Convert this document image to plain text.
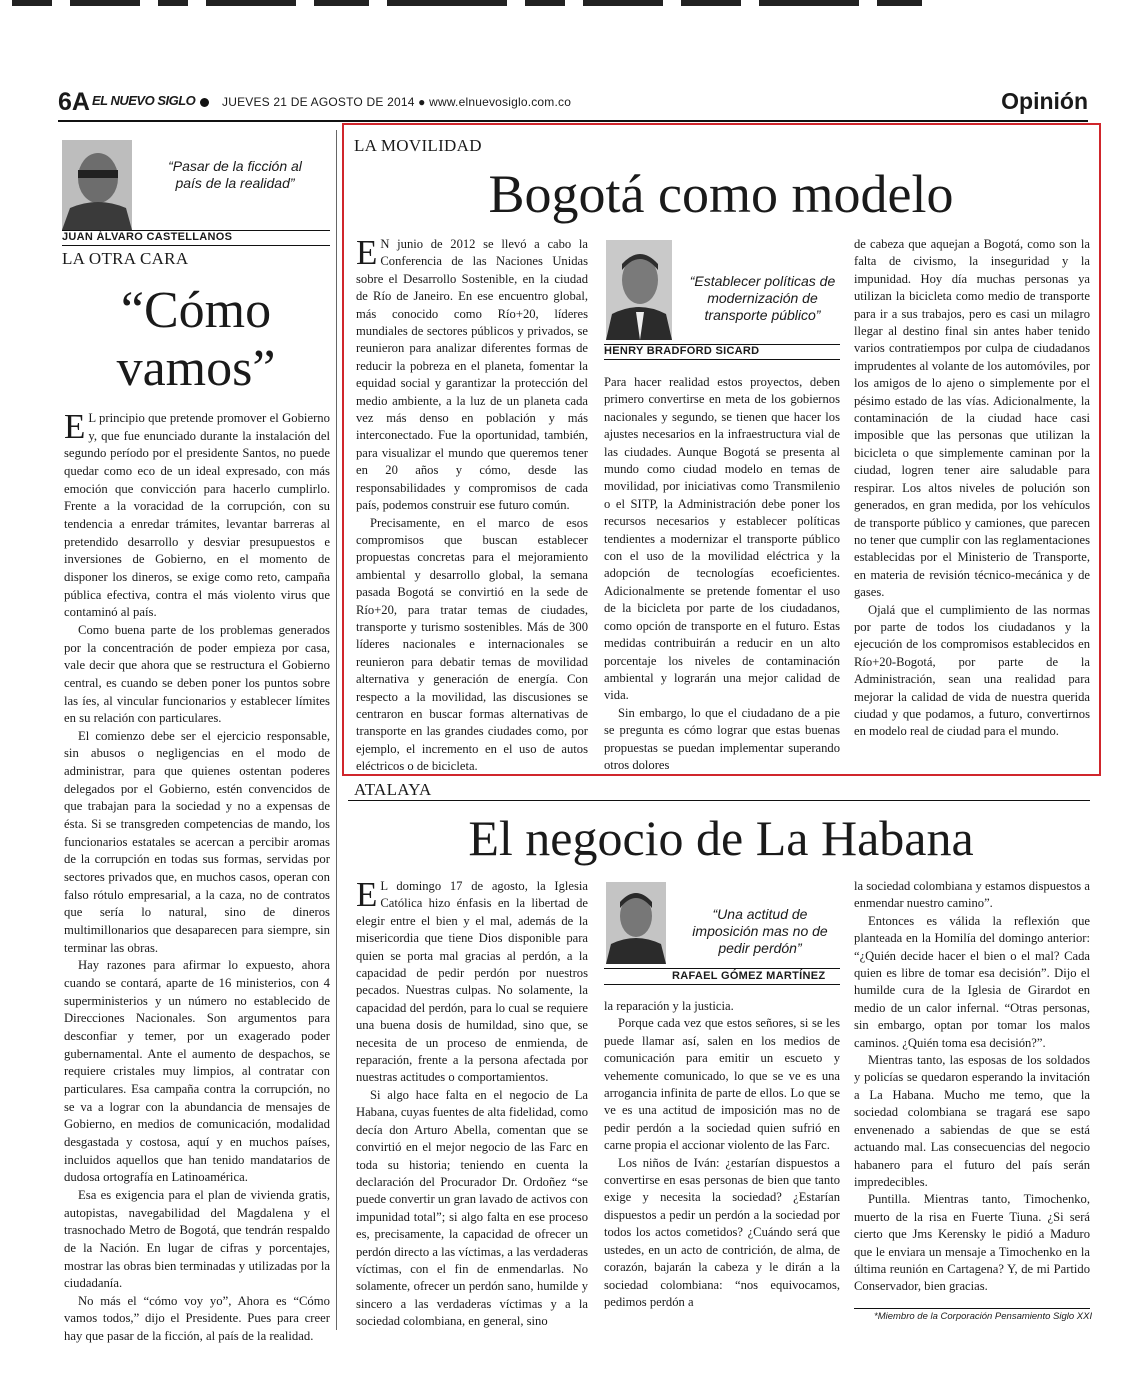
6A EL NUEVO SIGLO JUEVES 21 DE AGOSTO DE 2014 ● www.elnuevosiglo.com.co	Opinión
“Pasar de la ficción al país de la realidad”
JUAN ÁLVARO CASTELLANOS
LA OTRA CARA
“Cómo
vamos”

E L principio que pretende promover el Gobierno y, que fue enunciado durante la instalación del segundo período por el presidente Santos, no puede quedar como eco de un ideal expresado, con más emoción que convicción para hacerlo cumplirlo. Frente a la voracidad de la corrupción, con su tendencia a enredar trámites, levantar barreras al pretendido desarrollo y desviar presupuestos e inversiones de Gobierno, en el momento de disponer los dineros, se exige como reto, campaña pública efectiva, contra el más violento virus que contaminó al país.

Como buena parte de los problemas generados por la concentración de poder empieza por casa, vale decir que ahora que se restructura el Gobierno central, es cuando se deben poner los puntos sobre las íes, al vincular funcionarios y establecer límites en su relación con particulares.

El comienzo debe ser el ejercicio responsable, sin abusos o negligencias en el modo de administrar, para que quienes ostentan poderes delegados por el Gobierno, estén convencidos de que trabajan para la sociedad y no a expensas de ésta. Si se transgreden competencias de mando, los funcionarios estatales se acercan a percibir aromas de la corrupción en todas sus formas, servidas por sectores privados que, en muchos casos, operan con falso rótulo empresarial, a la caza, no de contratos que sería lo natural, sino de dineros multimillonarios que desaparecen para siempre, sin terminar las obras.

Hay razones para afirmar lo expuesto, ahora cuando se contará, aparte de 16 ministerios, con 4 superministerios y un número no establecido de Direcciones Nacionales. Son argumentos para desconfiar y temer, por un exagerado poder gubernamental. Ante el aumento de despachos, se requiere cristales muy limpios, al contratar con particulares. Esa campaña contra la corrupción, no se va a lograr con la abundancia de mensajes de Gobierno, en medios de comunicación, modalidad desgastada y costosa, aquí y en muchos países, incluidos aquellos que han tenido mandatarios de dudosa ortografía en Latinoamérica.

Esa es exigencia para el plan de vivienda gratis, autopistas, navegabilidad del Magdalena y el trasnochado Metro de Bogotá, que tendrán respaldo de la Nación. En lugar de cifras y porcentajes, mostrar las obras bien terminadas y utilizadas por la ciudadanía.

No más el “cómo voy yo”, Ahora es “Cómo vamos todos,” dijo el Presidente. Pues para creer hay que pasar de la ficción, al país de la realidad.

LA MOVILIDAD
Bogotá como modelo

E N junio de 2012 se llevó a cabo la Conferencia de las Naciones Unidas sobre el Desarrollo Sostenible, en la ciudad de Río de Janeiro. En ese encuentro global, más conocido como Río+20, líderes mundiales de sectores públicos y privados, se reunieron para analizar diferentes formas de reducir la pobreza en el planeta, fomentar la equidad social y garantizar la protección del medio ambiente, a la luz de un planeta cada vez más denso en población y más interconectado. Fue la oportunidad, también, para visualizar el mundo que queremos tener en 20 años y cómo, desde las responsabilidades y compromisos de cada país, podemos construir ese futuro común.

Precisamente, en el marco de esos compromisos que buscan establecer propuestas concretas para el mejoramiento ambiental y desarrollo global, la semana pasada Bogotá se convirtió en la sede de Río+20, para tratar temas de ciudades, transporte y turismo sostenibles. Más de 300 líderes nacionales e internacionales se reunieron para debatir temas de movilidad alternativa y generación de energía. Con respecto a la movilidad, las discusiones se centraron en buscar formas alternativas de transporte en las grandes ciudades como, por ejemplo, el incremento en el uso de autos eléctricos o de bicicleta.

“Establecer políticas de modernización de transporte público”
HENRY BRADFORD SICARD

Para hacer realidad estos proyectos, deben primero convertirse en meta de los gobiernos nacionales y segundo, se tienen que hacer los ajustes necesarios en la infraestructura vial de las ciudades. Aunque Bogotá se presenta al mundo como ciudad modelo en temas de movilidad, por iniciativas como Transmilenio o el SITP, la Administración debe poner los recursos necesarios y establecer políticas tendientes a modernizar el transporte público con el uso de la movilidad eléctrica y la adopción de tecnologías ecoeficientes. Adicionalmente se pretende fomentar el uso de la bicicleta por parte de los ciudadanos, como opción de transporte en el futuro. Estas medidas contribuirán a reducir en un alto porcentaje los niveles de contaminación ambiental y lograrán una mejor calidad de vida.

Sin embargo, lo que el ciudadano de a pie se pregunta es cómo lograr que estas buenas propuestas se puedan implementar superando otros dolores

de cabeza que aquejan a Bogotá, como son la falta de civismo, la inseguridad y la impunidad. Hoy día muchas personas ya utilizan la bicicleta como medio de transporte para ir a sus trabajos, pero es casi un milagro llegar al destino final sin antes haber tenido varios contratiempos por culpa de ciudadanos imprudentes al volante de los automóviles, por los amigos de lo ajeno o simplemente por el pésimo estado de las vías. Adicionalmente, la contaminación de la ciudad hace casi imposible que las personas que utilizan la bicicleta o que simplemente caminan por la ciudad, logren tener aire saludable para respirar. Los altos niveles de polución son generados, en gran medida, por los vehículos de transporte público y camiones, que parecen no tener que cumplir con las reglamentaciones establecidas por el Ministerio de Transporte, en materia de revisión técnico-mecánica y de gases.

Ojalá que el cumplimiento de las normas por parte de todos los ciudadanos y la ejecución de los compromisos establecidos en Río+20-Bogotá, por parte de la Administración, sean una realidad para mejorar la calidad de vida de nuestra querida ciudad y que podamos, a futuro, convertirnos en modelo real de ciudad para el mundo.

ATALAYA
El negocio de La Habana

E L domingo 17 de agosto, la Iglesia Católica hizo énfasis en la libertad de elegir entre el bien y el mal, además de la misericordia que tiene Dios disponible para quien se porta mal gracias al perdón, a la capacidad de pedir perdón por nuestros pecados. Nuestras culpas. No solamente, la capacidad del perdón, para lo cual se requiere una buena dosis de humildad, sino que, se necesita de un proceso de enmienda, de reparación, frente a la persona afectada por nuestras actitudes o comportamientos.

Si algo hace falta en el negocio de La Habana, cuyas fuentes de alta fidelidad, como decía don Arturo Abella, comentan que se convirtió en el mejor negocio de las Farc en toda su historia; teniendo en cuenta la declaración del Procurador Dr. Ordoñez “se puede convertir un gran lavado de activos con impunidad total”; si algo falta en ese proceso es, precisamente, la capacidad de ofrecer un perdón directo a las víctimas, a las verdaderas víctimas, con el fin de enmendarlas. No solamente, ofrecer un perdón sano, humilde y sincero a las verdaderas víctimas y a la sociedad colombiana, en general, sino

“Una actitud de imposición mas no de pedir perdón”
RAFAEL GÓMEZ MARTÍNEZ

la reparación y la justicia.

Porque cada vez que estos señores, si se les puede llamar así, salen en los medios de comunicación para emitir un escueto y vehemente comunicado, lo que se ve es una arrogancia infinita de parte de ellos. Lo que se ve es una actitud de imposición mas no de pedir perdón a la sociedad quien sufrió en carne propia el accionar violento de las Farc.

Los niños de Iván: ¿estarían dispuestos a convertirse en esas personas de bien que tanto exige y necesita la sociedad? ¿Estarían dispuestos a pedir un perdón a la sociedad por todos los actos cometidos? ¿Cuándo será que ustedes, en un acto de contrición, de alma, de corazón, bajarán la cabeza y le dirán a la sociedad colombiana: “nos equivocamos, pedimos perdón a

la sociedad colombiana y estamos dispuestos a enmendar nuestro camino”.

Entonces es válida la reflexión que planteada en la Homilía del domingo anterior: “¿Quién decide hacer el bien o el mal? Cada quien es libre de tomar esa decisión”. Dijo el humilde cura de la Iglesia de Girardot en medio de un calor infernal. “Otras personas, sin embargo, optan por tomar los malos caminos. ¿Quién toma esa decisión?”.

Mientras tanto, las esposas de los soldados y policías se quedaron esperando la invitación a La Habana. Mucho me temo, que la sociedad colombiana se tragará ese sapo envenenado a sabiendas de que se está actuando mal. Las consecuencias del negocio habanero para el futuro del país serán impredecibles.

Puntilla. Mientras tanto, Timochenko, muerto de la risa en Fuerte Tiuna. ¿Si será cierto que Jms Kerensky le pidió a Maduro que le enviara un mensaje a Timochenko en la última reunión en Cartagena? Y, de mi Partido Conservador, bien gracias.

*Miembro de la Corporación Pensamiento Siglo XXI
